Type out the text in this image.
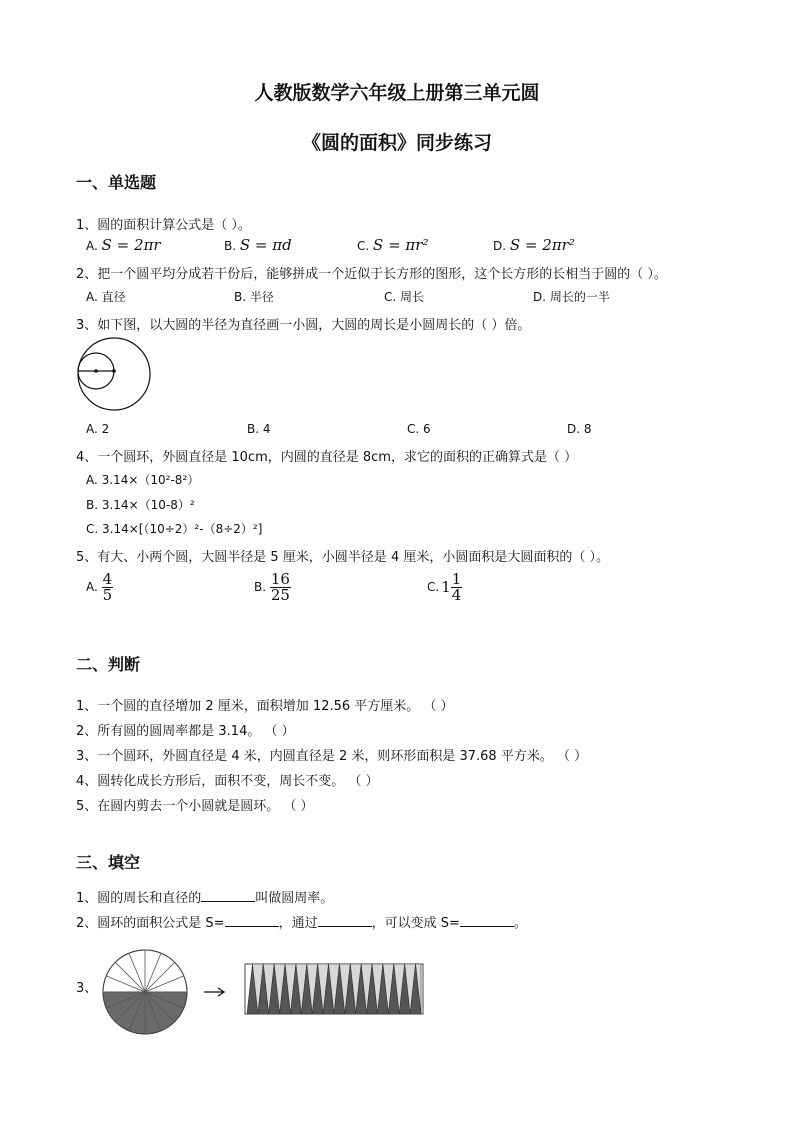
人教版数学六年级上册第三单元圆
《圆的面积》同步练习
一、单选题
1、圆的面积计算公式是（ ）。
A. S = 2πr	B. S = πd	C. S = πr²	D. S = 2πr²
2、把一个圆平均分成若干份后，能够拼成一个近似于长方形的图形，这个长方形的长相当于圆的（ ）。
A. 直径	B. 半径	C. 周长	D. 周长的一半
3、如下图，以大圆的半径为直径画一小圆，大圆的周长是小圆周长的（ ）倍。
A. 2	B. 4	C. 6	D. 8
4、一个圆环，外圆直径是 10cm，内圆的直径是 8cm，求它的面积的正确算式是（ ）
A. 3.14×（10²-8²）
B. 3.14×（10-8）²
C. 3.14×[（10÷2）²-（8÷2）²]
5、有大、小两个圆，大圆半径是 5 厘米，小圆半径是 4 厘米，小圆面积是大圆面积的（ ）。
A. $\frac{4}{5}$	B. $\frac{16}{25}$	C. $1 \frac{1}{4}$
二、判断
1、一个圆的直径增加 2 厘米，面积增加 12.56 平方厘米。 （ ）
2、所有圆的圆周率都是 3.14。 （ ）
3、一个圆环，外圆直径是 4 米，内圆直径是 2 米，则环形面积是 37.68 平方米。 （ ）
4、圆转化成长方形后，面积不变，周长不变。 （ ）
5、在圆内剪去一个小圆就是圆环。 （ ）
三、填空
1、圆的周长和直径的	叫做圆周率。
2、圆环的面积公式是 S=	，通过	，可以变成 S=	。
3、
